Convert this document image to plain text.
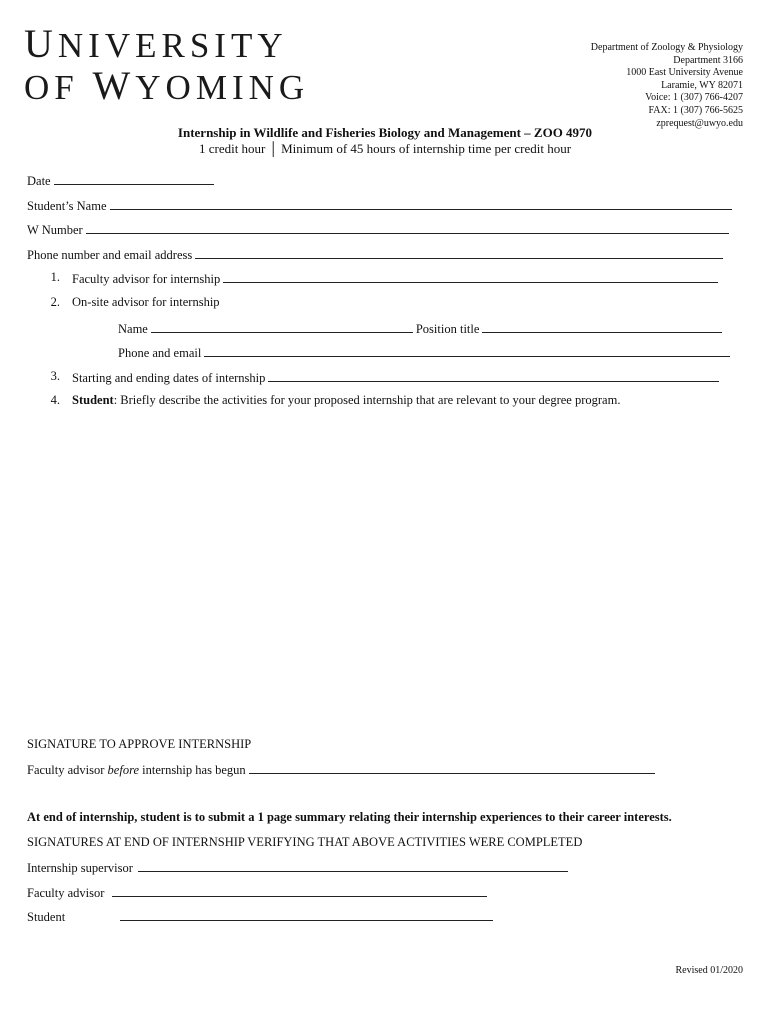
UNIVERSITY
OF WYOMING
Department of Zoology & Physiology
Department 3166
1000 East University Avenue
Laramie, WY 82071
Voice: 1 (307) 766-4207
FAX: 1 (307) 766-5625
zprequest@uwyo.edu
Internship in Wildlife and Fisheries Biology and Management – ZOO 4970
1 credit hour │ Minimum of 45 hours of internship time per credit hour
Date
Student’s Name
W Number
Phone number and email address
1. Faculty advisor for internship
2. On-site advisor for internship
Name	Position title
Phone and email
3. Starting and ending dates of internship
4. Student: Briefly describe the activities for your proposed internship that are relevant to your degree program.
SIGNATURE TO APPROVE INTERNSHIP
Faculty advisor before internship has begun
At end of internship, student is to submit a 1 page summary relating their internship experiences to their career interests.
SIGNATURES AT END OF INTERNSHIP VERIFYING THAT ABOVE ACTIVITIES WERE COMPLETED
Internship supervisor
Faculty advisor
Student
Revised 01/2020
